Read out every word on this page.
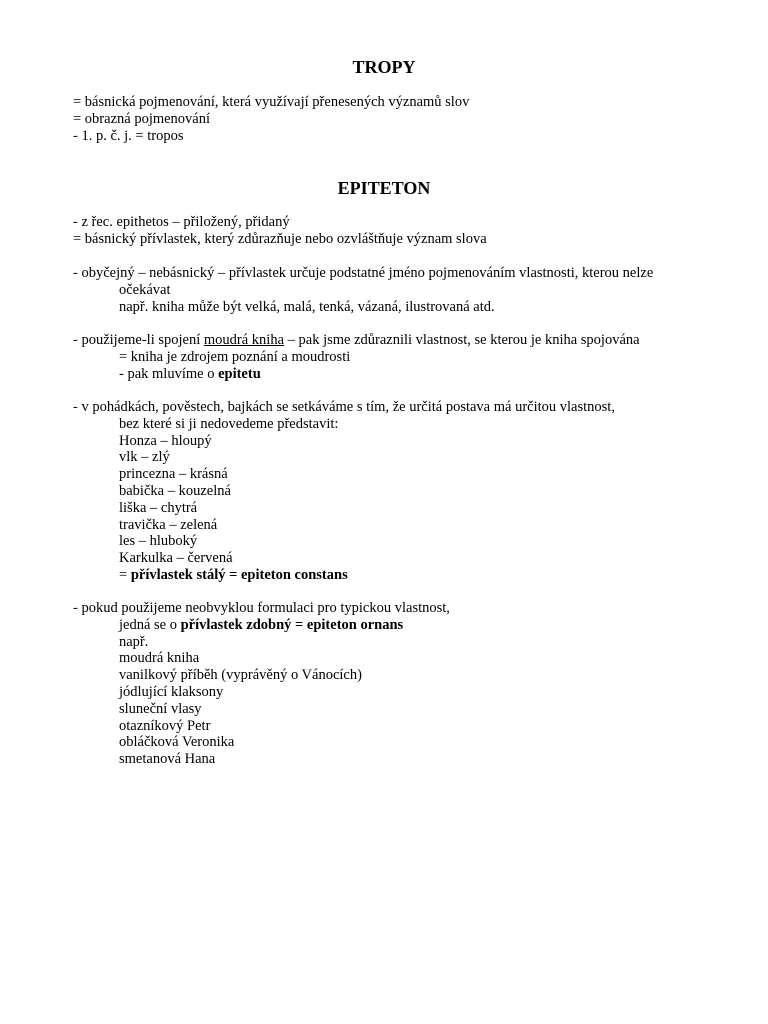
TROPY
= básnická pojmenování, která využívají přenesených významů slov
= obrazná pojmenování
- 1. p. č. j. = tropos
EPITETON
- z řec. epithetos – přiložený, přidaný
= básnický přívlastek, který zdůrazňuje nebo ozvláštňuje význam slova
- obyčejný – nebásnický – přívlastek určuje podstatné jméno pojmenováním vlastnosti, kterou nelze
očekávat
např. kniha může být velká, malá, tenká, vázaná, ilustrovaná atd.
- použijeme-li spojení moudrá kniha – pak jsme zdůraznili vlastnost, se kterou je kniha spojována
= kniha je zdrojem poznání a moudrosti
- pak mluvíme o epitetu
- v pohádkách, pověstech, bajkách se setkáváme s tím, že určitá postava má určitou vlastnost,
bez které si ji nedovedeme představit:
Honza – hloupý
vlk – zlý
princezna – krásná
babička – kouzelná
liška – chytrá
travička – zelená
les – hluboký
Karkulka – červená
= přívlastek stálý = epiteton constans
- pokud použijeme neobvyklou formulaci pro typickou vlastnost,
jedná se o přívlastek zdobný = epiteton ornans
např.
moudrá kniha
vanilkový příběh (vyprávěný o Vánocích)
jódlující klaksony
sluneční vlasy
otazníkový Petr
obláčková Veronika
smetanová Hana
